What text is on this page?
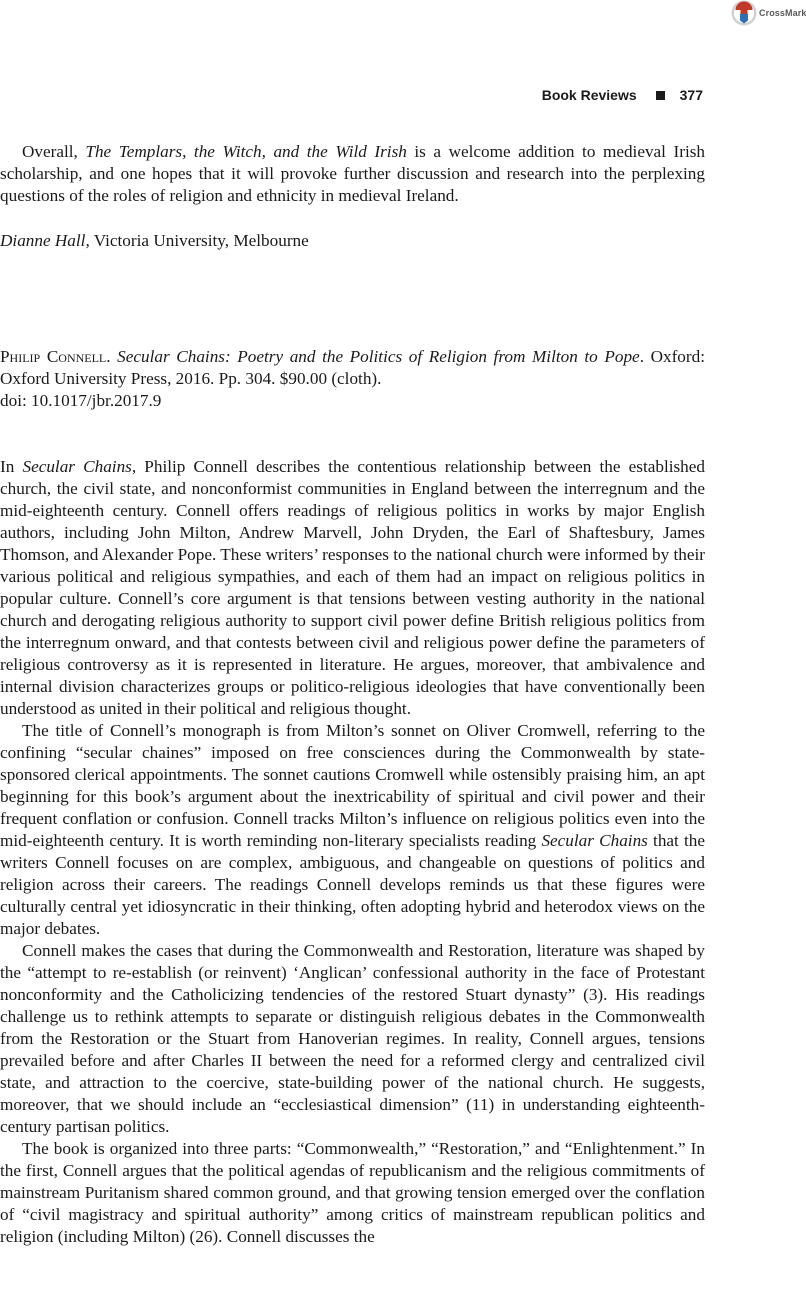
CrossMark
Book Reviews	377

Overall, The Templars, the Witch, and the Wild Irish is a welcome addition to medieval Irish scholarship, and one hopes that it will provoke further discussion and research into the perplexing questions of the roles of religion and ethnicity in medieval Ireland.

Dianne Hall, Victoria University, Melbourne

Philip Connell. Secular Chains: Poetry and the Politics of Religion from Milton to Pope. Oxford: Oxford University Press, 2016. Pp. 304. $90.00 (cloth).

doi: 10.1017/jbr.2017.9

In Secular Chains, Philip Connell describes the contentious relationship between the established church, the civil state, and nonconformist communities in England between the interregnum and the mid-eighteenth century. Connell offers readings of religious politics in works by major English authors, including John Milton, Andrew Marvell, John Dryden, the Earl of Shaftesbury, James Thomson, and Alexander Pope. These writers’ responses to the national church were informed by their various political and religious sympathies, and each of them had an impact on religious politics in popular culture. Connell’s core argument is that tensions between vesting authority in the national church and derogating religious authority to support civil power define British religious politics from the interregnum onward, and that contests between civil and religious power define the parameters of religious controversy as it is represented in literature. He argues, moreover, that ambivalence and internal division characterizes groups or politico-religious ideologies that have conventionally been understood as united in their political and religious thought.

The title of Connell’s monograph is from Milton’s sonnet on Oliver Cromwell, referring to the confining “secular chaines” imposed on free consciences during the Commonwealth by state-sponsored clerical appointments. The sonnet cautions Cromwell while ostensibly praising him, an apt beginning for this book’s argument about the inextricability of spiritual and civil power and their frequent conflation or confusion. Connell tracks Milton’s influence on religious politics even into the mid-eighteenth century. It is worth reminding non-literary specialists reading Secular Chains that the writers Connell focuses on are complex, ambiguous, and changeable on questions of politics and religion across their careers. The readings Connell develops reminds us that these figures were culturally central yet idiosyncratic in their thinking, often adopting hybrid and heterodox views on the major debates.

Connell makes the cases that during the Commonwealth and Restoration, literature was shaped by the “attempt to re-establish (or reinvent) ‘Anglican’ confessional authority in the face of Protestant nonconformity and the Catholicizing tendencies of the restored Stuart dynasty” (3). His readings challenge us to rethink attempts to separate or distinguish religious debates in the Commonwealth from the Restoration or the Stuart from Hanoverian regimes. In reality, Connell argues, tensions prevailed before and after Charles II between the need for a reformed clergy and centralized civil state, and attraction to the coercive, state-building power of the national church. He suggests, moreover, that we should include an “ecclesiastical dimension” (11) in understanding eighteenth-century partisan politics.

The book is organized into three parts: “Commonwealth,” “Restoration,” and “Enlightenment.” In the first, Connell argues that the political agendas of republicanism and the religious commitments of mainstream Puritanism shared common ground, and that growing tension emerged over the conflation of “civil magistracy and spiritual authority” among critics of mainstream republican politics and religion (including Milton) (26). Connell discusses the
